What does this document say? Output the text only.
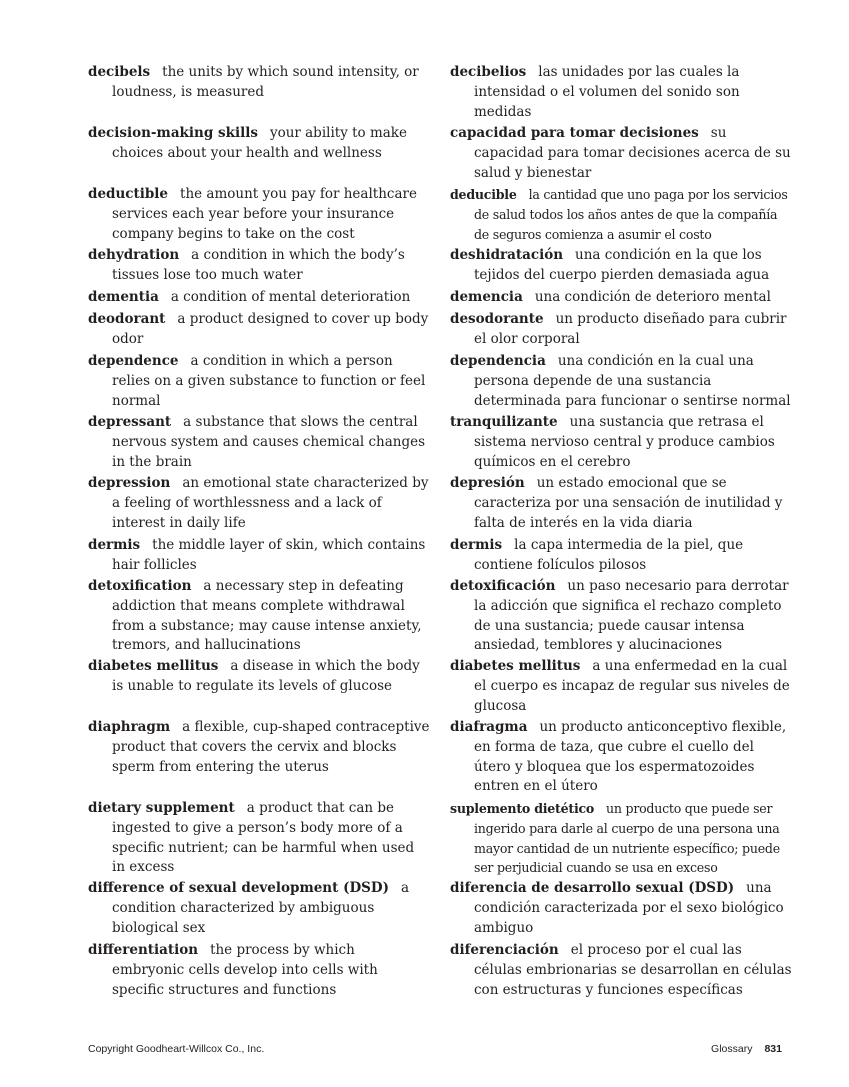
decibels the units by which sound intensity, or loudness, is measured
decision-making skills your ability to make choices about your health and wellness
deductible the amount you pay for healthcare services each year before your insurance company begins to take on the cost
dehydration a condition in which the body’s tissues lose too much water
dementia a condition of mental deterioration
deodorant a product designed to cover up body odor
dependence a condition in which a person relies on a given substance to function or feel normal
depressant a substance that slows the central nervous system and causes chemical changes in the brain
depression an emotional state characterized by a feeling of worthlessness and a lack of interest in daily life
dermis the middle layer of skin, which contains hair follicles
detoxification a necessary step in defeating addiction that means complete withdrawal from a substance; may cause intense anxiety, tremors, and hallucinations
diabetes mellitus a disease in which the body is unable to regulate its levels of glucose
diaphragm a flexible, cup-shaped contraceptive product that covers the cervix and blocks sperm from entering the uterus
dietary supplement a product that can be ingested to give a person’s body more of a specific nutrient; can be harmful when used in excess
difference of sexual development (DSD) a condition characterized by ambiguous biological sex
differentiation the process by which embryonic cells develop into cells with specific structures and functions
decibelios las unidades por las cuales la intensidad o el volumen del sonido son medidas
capacidad para tomar decisiones su capacidad para tomar decisiones acerca de su salud y bienestar
deducible la cantidad que uno paga por los servicios de salud todos los años antes de que la compañía de seguros comienza a asumir el costo
deshidratación una condición en la que los tejidos del cuerpo pierden demasiada agua
demencia una condición de deterioro mental
desodorante un producto diseñado para cubrir el olor corporal
dependencia una condición en la cual una persona depende de una sustancia determinada para funcionar o sentirse normal
tranquilizante una sustancia que retrasa el sistema nervioso central y produce cambios químicos en el cerebro
depresión un estado emocional que se caracteriza por una sensación de inutilidad y falta de interés en la vida diaria
dermis la capa intermedia de la piel, que contiene folículos pilosos
detoxificación un paso necesario para derrotar la adicción que significa el rechazo completo de una sustancia; puede causar intensa ansiedad, temblores y alucinaciones
diabetes mellitus a una enfermedad en la cual el cuerpo es incapaz de regular sus niveles de glucosa
diafragma un producto anticonceptivo flexible, en forma de taza, que cubre el cuello del útero y bloquea que los espermatozoides entren en el útero
suplemento dietético un producto que puede ser ingerido para darle al cuerpo de una persona una mayor cantidad de un nutriente específico; puede ser perjudicial cuando se usa en exceso
diferencia de desarrollo sexual (DSD) una condición caracterizada por el sexo biológico ambiguo
diferenciación el proceso por el cual las células embrionarias se desarrollan en células con estructuras y funciones específicas
Copyright Goodheart-Willcox Co., Inc.	Glossary 831
